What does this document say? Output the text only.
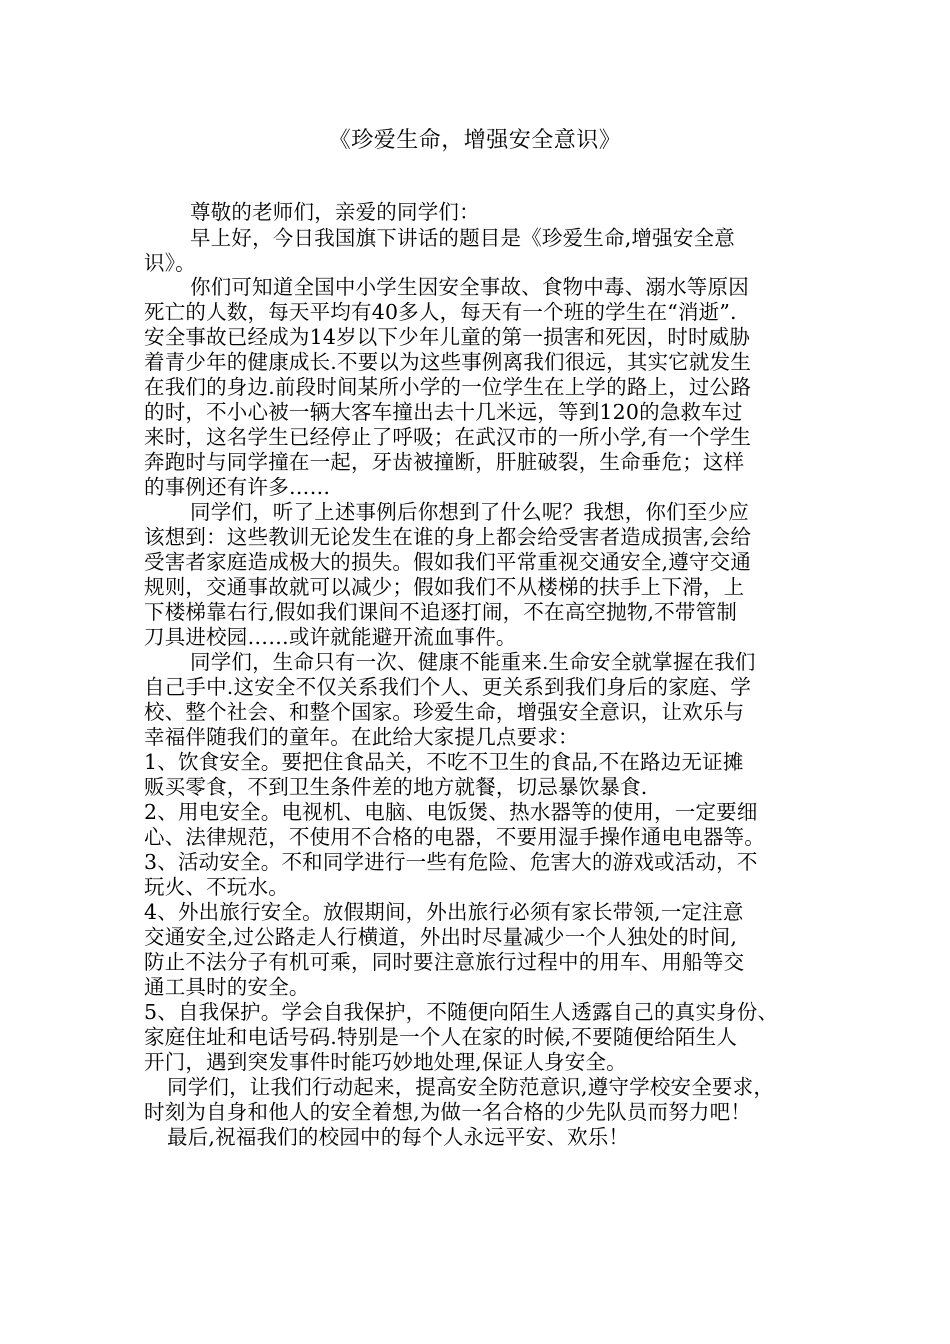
《珍爱生命，增强安全意识》
尊敬的老师们，亲爱的同学们：
早上好，今日我国旗下讲话的题目是《珍爱生命,增强安全意
识》。
你们可知道全国中小学生因安全事故、食物中毒、溺水等原因
死亡的人数，每天平均有40多人，每天有一个班的学生在“消逝”.
安全事故已经成为14岁以下少年儿童的第一损害和死因，时时威胁
着青少年的健康成长.不要以为这些事例离我们很远，其实它就发生
在我们的身边.前段时间某所小学的一位学生在上学的路上，过公路
的时，不小心被一辆大客车撞出去十几米远，等到120的急救车过
来时，这名学生已经停止了呼吸；在武汉市的一所小学,有一个学生
奔跑时与同学撞在一起，牙齿被撞断，肝脏破裂，生命垂危；这样
的事例还有许多……
同学们，听了上述事例后你想到了什么呢？我想，你们至少应
该想到：这些教训无论发生在谁的身上都会给受害者造成损害,会给
受害者家庭造成极大的损失。假如我们平常重视交通安全,遵守交通
规则，交通事故就可以减少；假如我们不从楼梯的扶手上下滑，上
下楼梯靠右行,假如我们课间不追逐打闹，不在高空抛物,不带管制
刀具进校园……或许就能避开流血事件。
同学们，生命只有一次、健康不能重来.生命安全就掌握在我们
自己手中.这安全不仅关系我们个人、更关系到我们身后的家庭、学
校、整个社会、和整个国家。珍爱生命，增强安全意识，让欢乐与
幸福伴随我们的童年。在此给大家提几点要求：
1、饮食安全。要把住食品关，不吃不卫生的食品,不在路边无证摊
贩买零食，不到卫生条件差的地方就餐，切忌暴饮暴食.
2、用电安全。电视机、电脑、电饭煲、热水器等的使用，一定要细
心、法律规范，不使用不合格的电器，不要用湿手操作通电电器等。
3、活动安全。不和同学进行一些有危险、危害大的游戏或活动，不
玩火、不玩水。
4、外出旅行安全。放假期间，外出旅行必须有家长带领,一定注意
交通安全,过公路走人行横道，外出时尽量减少一个人独处的时间,
防止不法分子有机可乘，同时要注意旅行过程中的用车、用船等交
通工具时的安全。
5、自我保护。学会自我保护，不随便向陌生人透露自己的真实身份、
家庭住址和电话号码.特别是一个人在家的时候,不要随便给陌生人
开门，遇到突发事件时能巧妙地处理,保证人身安全。
同学们，让我们行动起来，提高安全防范意识,遵守学校安全要求，
时刻为自身和他人的安全着想,为做一名合格的少先队员而努力吧！
最后,祝福我们的校园中的每个人永远平安、欢乐！
